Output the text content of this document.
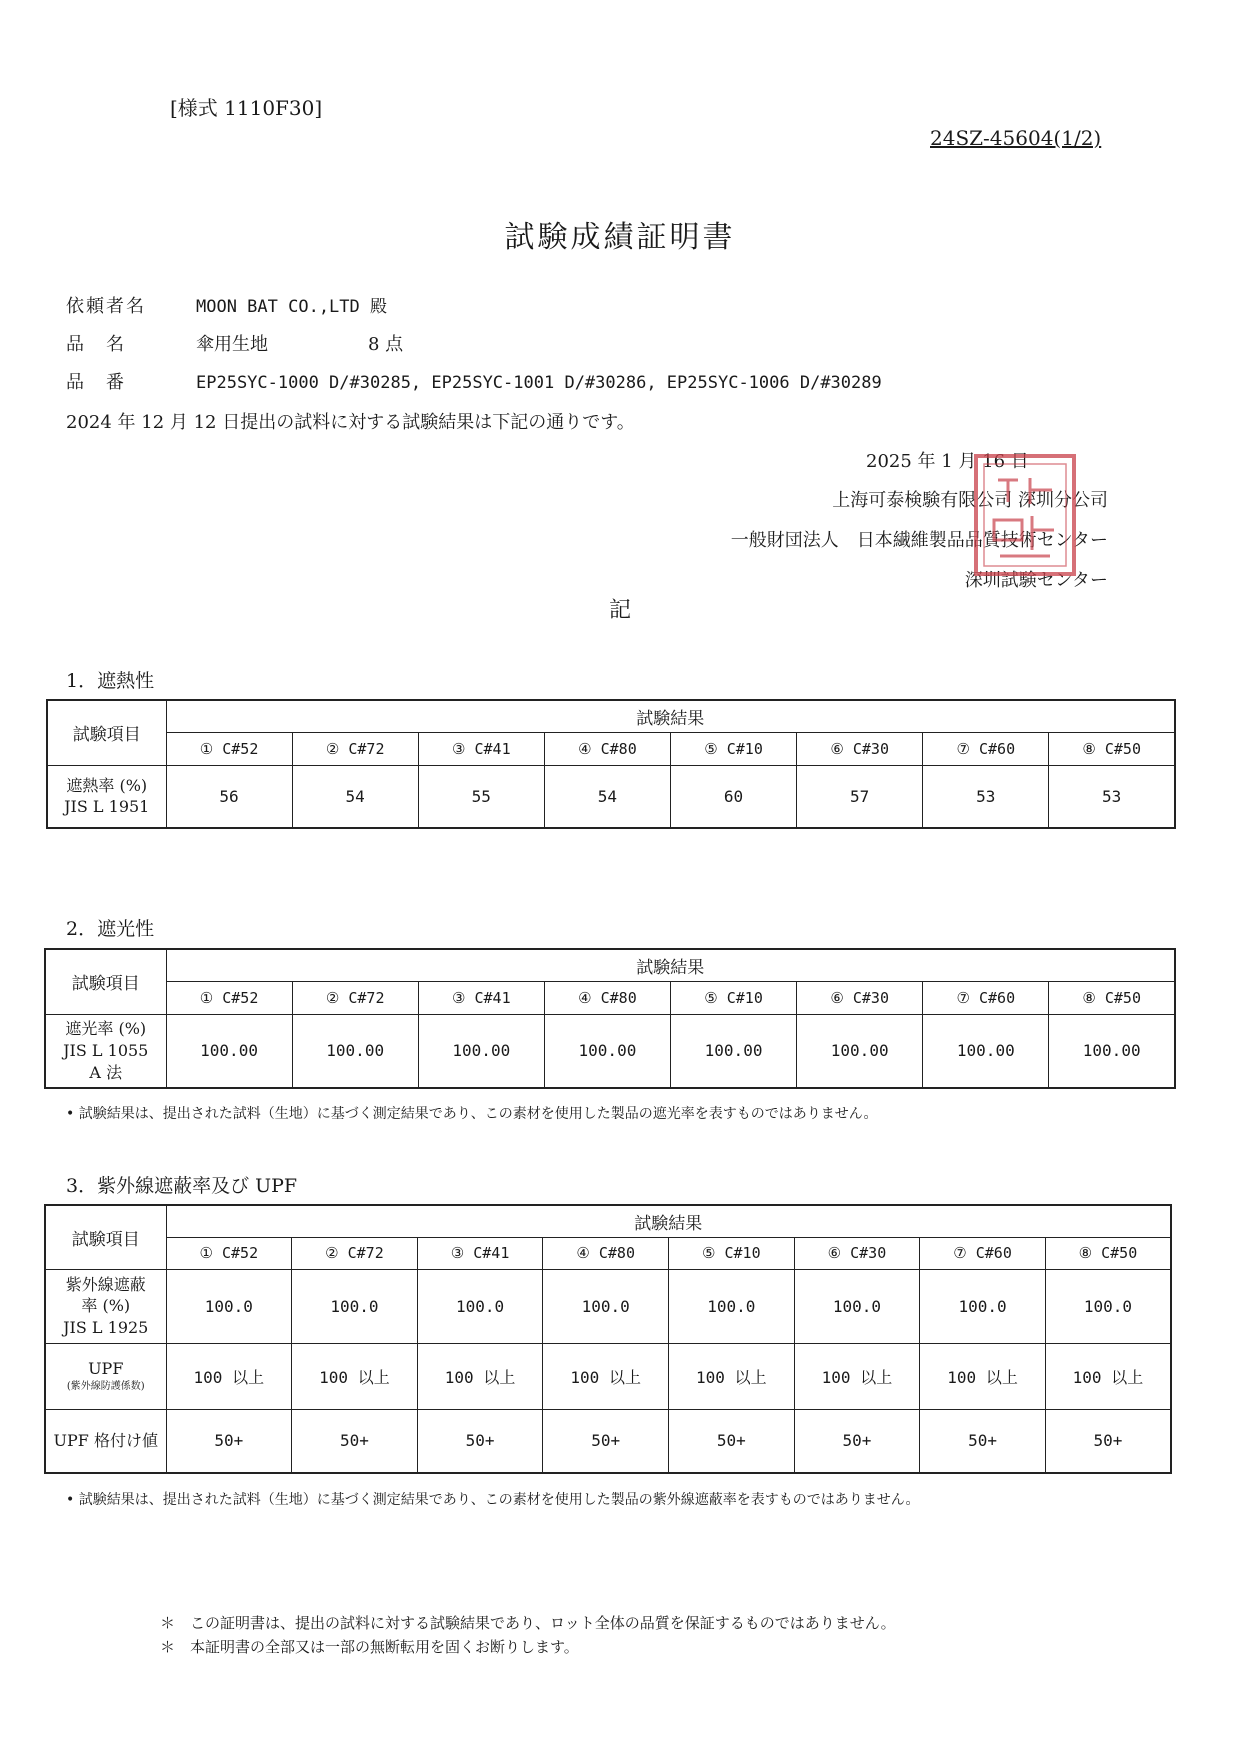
[様式 1110F30]
24SZ-45604(1/2)
試験成績証明書
依頼者名	MOON BAT CO.,LTD 殿
品　名	傘用生地	8 点
品　番	EP25SYC-1000 D/#30285, EP25SYC-1001 D/#30286, EP25SYC-1006 D/#30289
2024 年 12 月 12 日提出の試料に対する試験結果は下記の通りです。
2025 年 1 月 16 日
上海可泰検験有限公司 深圳分公司
一般財団法人　日本繊維製品品質技術センター
深圳試験センター
記
1．遮熱性
試験項目	試験結果							
	① C#52	② C#72	③ C#41	④ C#80	⑤ C#10	⑥ C#30	⑦ C#60	⑧ C#50
遮熱率 (%)
JIS L 1951	56	54	55	54	60	57	53	53
2．遮光性
試験項目	試験結果							
	① C#52	② C#72	③ C#41	④ C#80	⑤ C#10	⑥ C#30	⑦ C#60	⑧ C#50
遮光率 (%)
JIS L 1055
A 法	100.00	100.00	100.00	100.00	100.00	100.00	100.00	100.00
• 試験結果は、提出された試料（生地）に基づく測定結果であり、この素材を使用した製品の遮光率を表すものではありません。
3．紫外線遮蔽率及び UPF
試験項目	試験結果							
	① C#52	② C#72	③ C#41	④ C#80	⑤ C#10	⑥ C#30	⑦ C#60	⑧ C#50
紫外線遮蔽
率 (%)
JIS L 1925	100.0	100.0	100.0	100.0	100.0	100.0	100.0	100.0
UPF
(紫外線防護係数)	100 以上	100 以上	100 以上	100 以上	100 以上	100 以上	100 以上	100 以上
UPF 格付け値	50+	50+	50+	50+	50+	50+	50+	50+
• 試験結果は、提出された試料（生地）に基づく測定結果であり、この素材を使用した製品の紫外線遮蔽率を表すものではありません。
＊　この証明書は、提出の試料に対する試験結果であり、ロット全体の品質を保証するものではありません。
＊　本証明書の全部又は一部の無断転用を固くお断りします。
